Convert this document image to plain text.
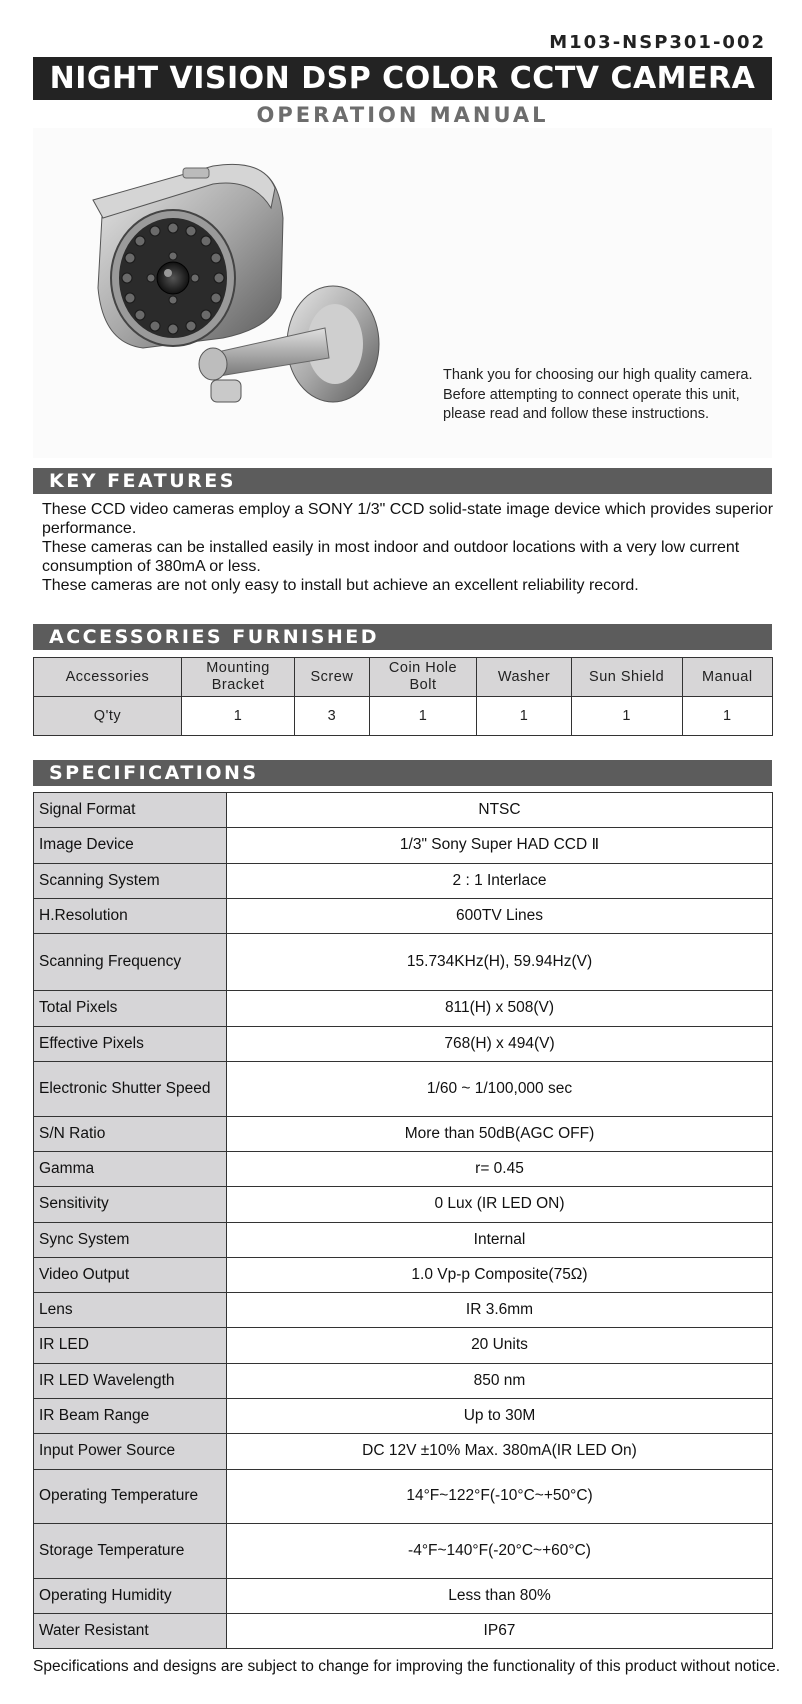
M103-NSP301-002
NIGHT VISION DSP COLOR CCTV CAMERA
OPERATION MANUAL
Thank you for choosing our high quality camera.
Before attempting to connect operate this unit,
please read and follow these instructions.
KEY FEATURES

These CCD video cameras employ a SONY 1/3" CCD solid-state image device which provides superior performance.

These cameras can be installed easily in most indoor and outdoor locations with a very low current consumption of 380mA or less.

These cameras are not only easy to install but achieve an excellent reliability record.

ACCESSORIES FURNISHED
Accessories	Mounting Bracket	Screw	Coin Hole Bolt	Washer	Sun Shield	Manual
Q'ty	1	3	1	1	1	1
SPECIFICATIONS
Signal Format	NTSC
Image Device	1/3" Sony Super HAD CCD Ⅱ
Scanning System	2 : 1 Interlace
H.Resolution	600TV Lines
Scanning Frequency	15.734KHz(H), 59.94Hz(V)
Total Pixels	811(H) x 508(V)
Effective Pixels	768(H) x 494(V)
Electronic Shutter Speed	1/60 ~ 1/100,000 sec
S/N Ratio	More than 50dB(AGC OFF)
Gamma	r= 0.45
Sensitivity	0 Lux (IR LED ON)
Sync System	Internal
Video Output	1.0 Vp-p Composite(75Ω)
Lens	IR 3.6mm
IR LED	20 Units
IR LED Wavelength	850 nm
IR Beam Range	Up to 30M
Input Power Source	DC 12V ±10% Max. 380mA(IR LED On)
Operating Temperature	14°F~122°F(-10°C~+50°C)
Storage Temperature	-4°F~140°F(-20°C~+60°C)
Operating Humidity	Less than 80%
Water Resistant	IP67
Specifications and designs are subject to change for improving the functionality of this product without notice.
